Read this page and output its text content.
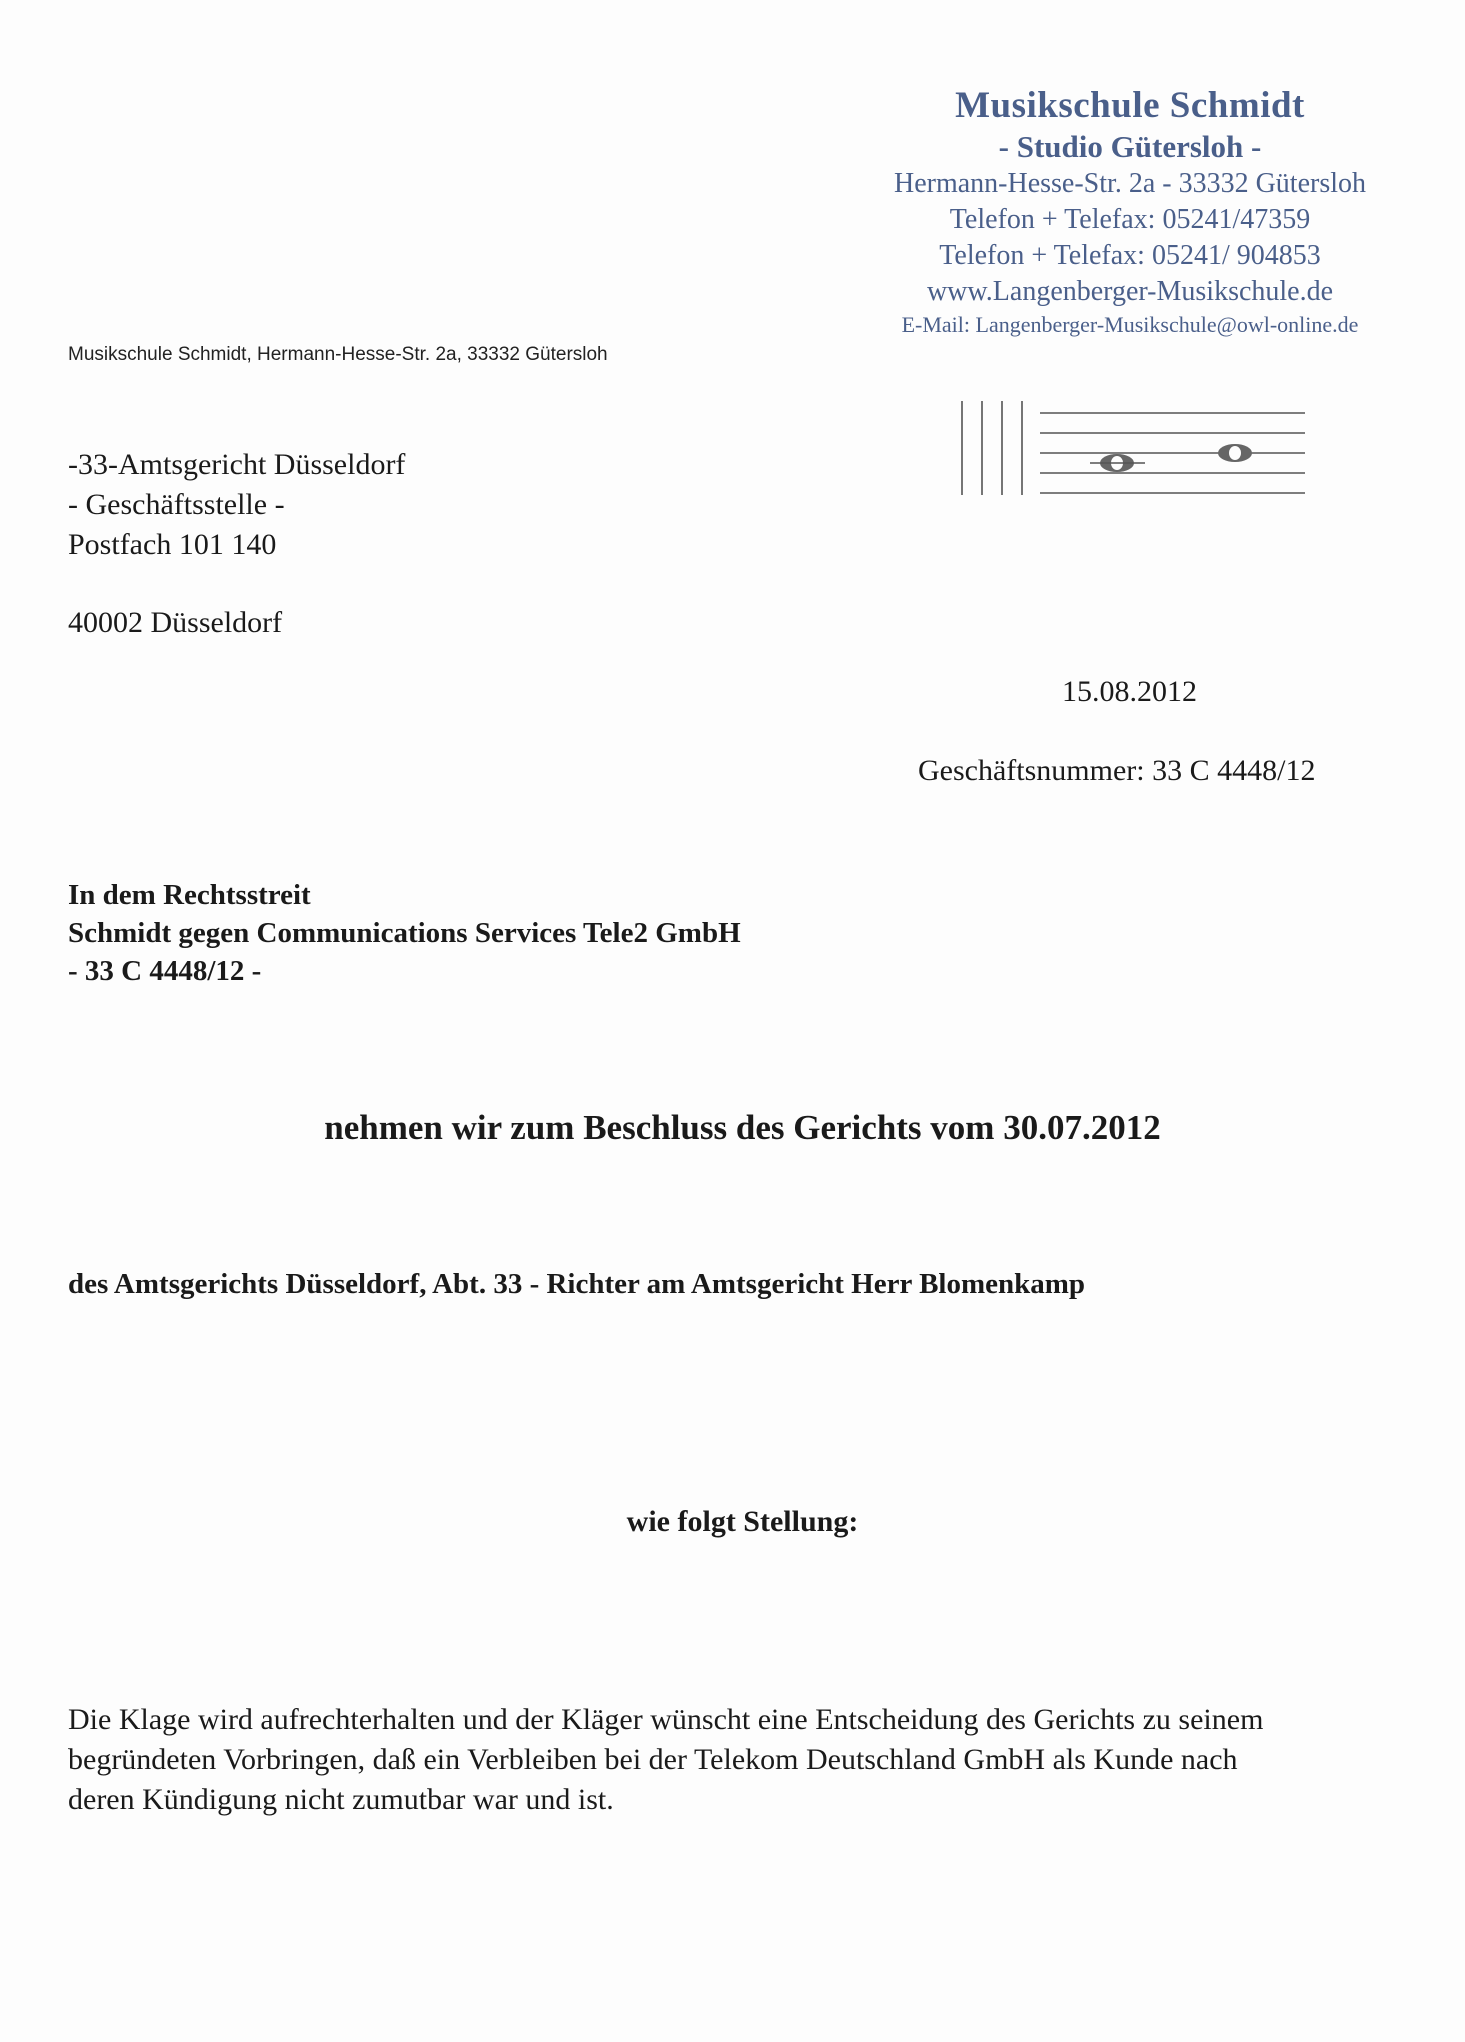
Musikschule Schmidt
- Studio Gütersloh -
Hermann-Hesse-Str. 2a - 33332 Gütersloh
Telefon + Telefax: 05241/47359
Telefon + Telefax: 05241/ 904853
www.Langenberger-Musikschule.de
E-Mail: Langenberger-Musikschule@owl-online.de
Musikschule Schmidt, Hermann-Hesse-Str. 2a, 33332 Gütersloh
-33-Amtsgericht Düsseldorf
- Geschäftsstelle -
Postfach 101 140
40002 Düsseldorf
15.08.2012
Geschäftsnummer: 33 C 4448/12
In dem Rechtsstreit
Schmidt gegen Communications Services Tele2 GmbH
- 33 C 4448/12 -
nehmen wir zum Beschluss des Gerichts vom 30.07.2012
des Amtsgerichts Düsseldorf, Abt. 33 - Richter am Amtsgericht Herr Blomenkamp
wie folgt Stellung:
Die Klage wird aufrechterhalten und der Kläger wünscht eine Entscheidung des Gerichts zu seinem
begründeten Vorbringen, daß ein Verbleiben bei der Telekom Deutschland GmbH als Kunde nach
deren Kündigung nicht zumutbar war und ist.
